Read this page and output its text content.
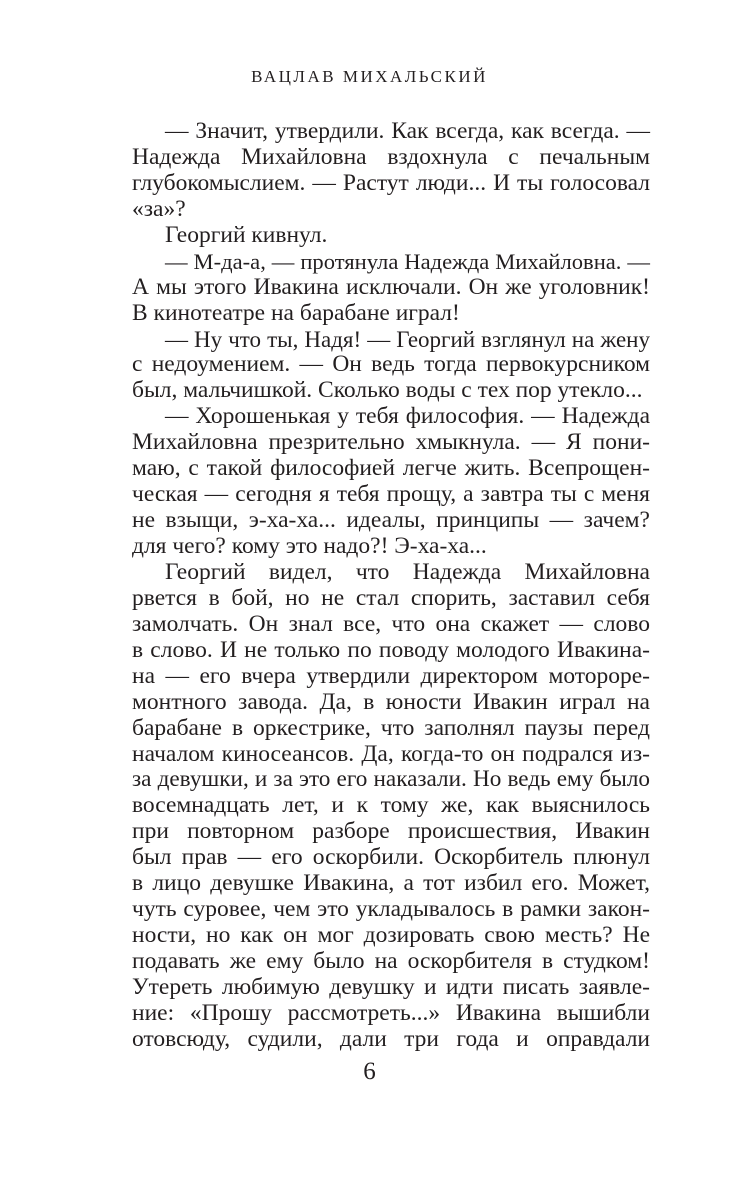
ВАЦЛАВ МИХАЛЬСКИЙ
— Значит, утвердили. Как всегда, как всегда. —
Надежда Михайловна вздохнула с печальным
глубокомыслием. — Растут люди... И ты голосовал
«за»?
Георгий кивнул.
— М-да-а, — протянула Надежда Михайловна. —
А мы этого Ивакина исключали. Он же уголовник!
В кинотеатре на барабане играл!
— Ну что ты, Надя! — Георгий взглянул на жену
с недоумением. — Он ведь тогда первокурсником
был, мальчишкой. Сколько воды с тех пор утекло...
— Хорошенькая у тебя философия. — Надежда
Михайловна презрительно хмыкнула. — Я пони-
маю, с такой философией легче жить. Всепрощен-
ческая — сегодня я тебя прощу, а завтра ты с меня
не взыщи, э-ха-ха... идеалы, принципы — зачем?
для чего? кому это надо?! Э-ха-ха...
Георгий видел, что Надежда Михайловна
рвется в бой, но не стал спорить, заставил себя
замолчать. Он знал все, что она скажет — слово
в слово. И не только по поводу молодого Ивакина-
на — его вчера утвердили директором мотороре-
монтного завода. Да, в юности Ивакин играл на
барабане в оркестрике, что заполнял паузы перед
началом киносеансов. Да, когда-то он подрался из-
за девушки, и за это его наказали. Но ведь ему было
восемнадцать лет, и к тому же, как выяснилось
при повторном разборе происшествия, Ивакин
был прав — его оскорбили. Оскорбитель плюнул
в лицо девушке Ивакина, а тот избил его. Может,
чуть суровее, чем это укладывалось в рамки закон-
ности, но как он мог дозировать свою месть? Не
подавать же ему было на оскорбителя в студком!
Утереть любимую девушку и идти писать заявле-
ние: «Прошу рассмотреть...» Ивакина вышибли
отовсюду, судили, дали три года и оправдали
6
